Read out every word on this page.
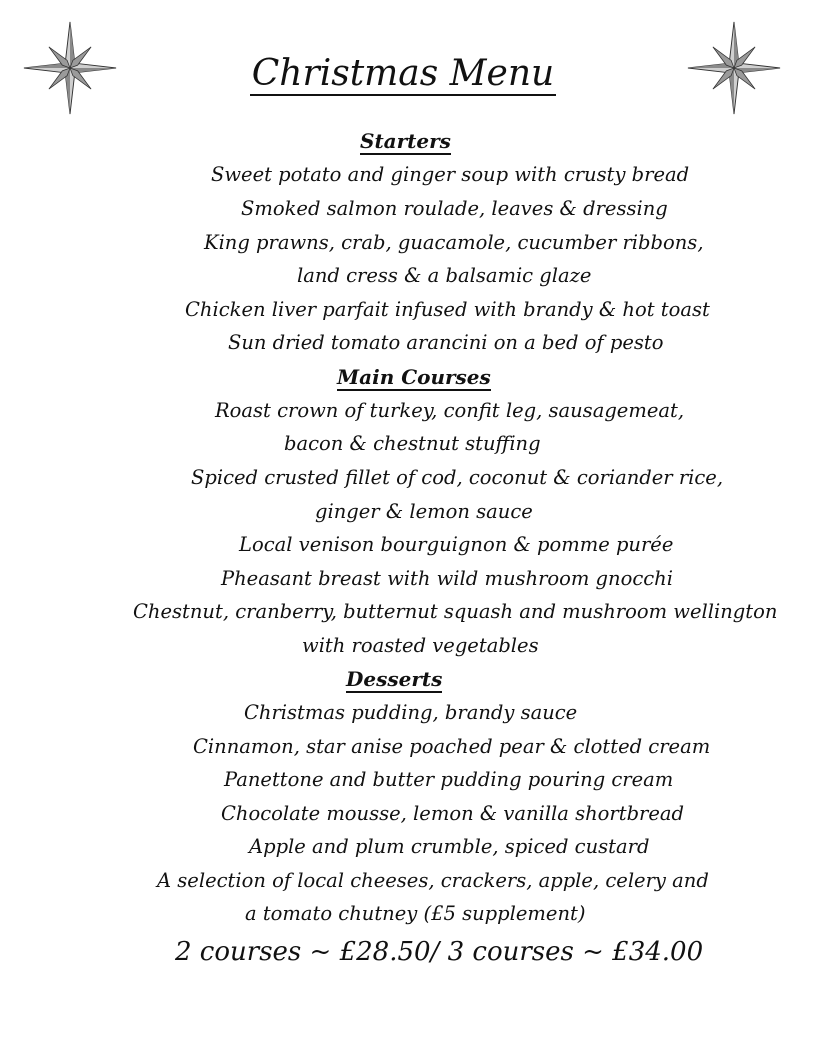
Christmas Menu
Starters
Sweet potato and ginger soup with crusty bread
Smoked salmon roulade, leaves & dressing
King prawns, crab, guacamole, cucumber ribbons,
land cress & a balsamic glaze
Chicken liver parfait infused with brandy & hot toast
Sun dried tomato arancini on a bed of pesto
Main Courses
Roast crown of turkey, confit leg, sausagemeat,
bacon & chestnut stuffing
Spiced crusted fillet of cod, coconut & coriander rice,
ginger & lemon sauce
Local venison bourguignon & pomme purée
Pheasant breast with wild mushroom gnocchi
Chestnut, cranberry, butternut squash and mushroom wellington
with roasted vegetables
Desserts
Christmas pudding, brandy sauce
Cinnamon, star anise poached pear & clotted cream
Panettone and butter pudding pouring cream
Chocolate mousse, lemon & vanilla shortbread
Apple and plum crumble, spiced custard
A selection of local cheeses, crackers, apple, celery and
a tomato chutney (£5 supplement)
2 courses ~ £28.50/ 3 courses ~ £34.00
